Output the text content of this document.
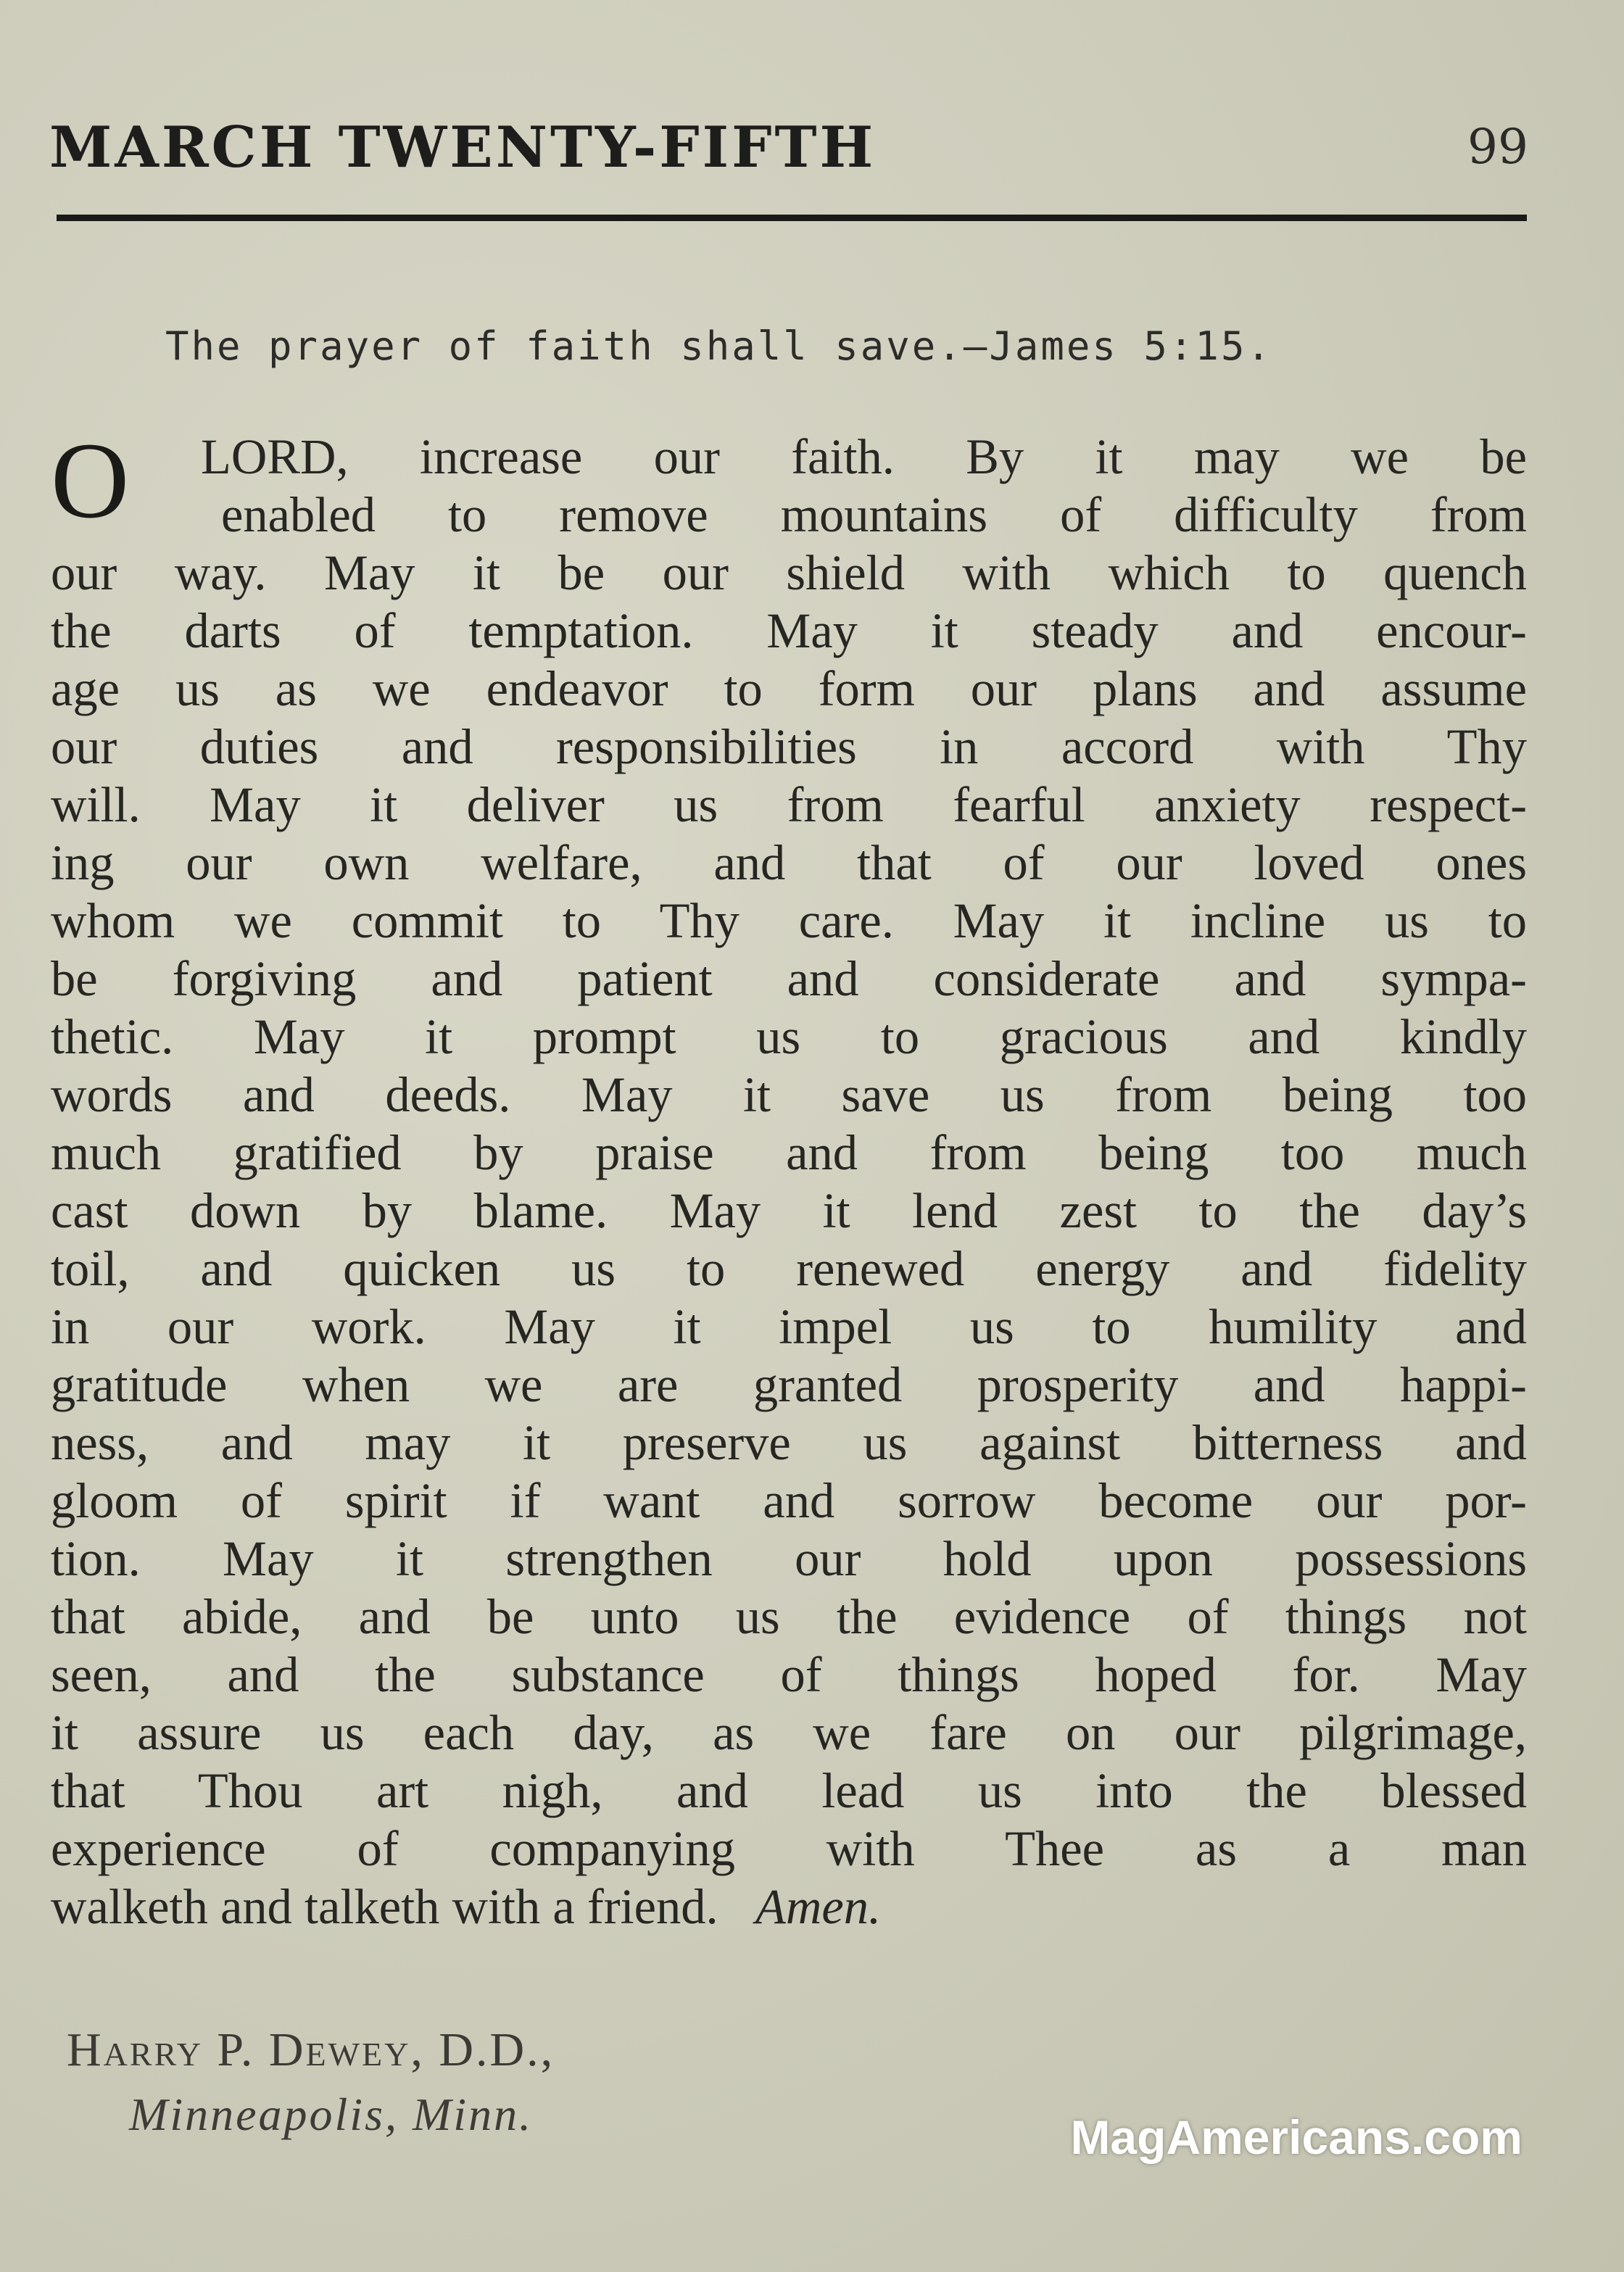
MARCH TWENTY-FIFTH	99
The prayer of faith shall save.—James 5:15.
O	LORD, increase our faith. By it may we be
enabled to remove mountains of difficulty from
our way. May it be our shield with which to quench
the darts of temptation. May it steady and encour-
age us as we endeavor to form our plans and assume
our duties and responsibilities in accord with Thy
will. May it deliver us from fearful anxiety respect-
ing our own welfare, and that of our loved ones
whom we commit to Thy care. May it incline us to
be forgiving and patient and considerate and sympa-
thetic. May it prompt us to gracious and kindly
words and deeds. May it save us from being too
much gratified by praise and from being too much
cast down by blame. May it lend zest to the day’s
toil, and quicken us to renewed energy and fidelity
in our work. May it impel us to humility and
gratitude when we are granted prosperity and happi-
ness, and may it preserve us against bitterness and
gloom of spirit if want and sorrow become our por-
tion. May it strengthen our hold upon possessions
that abide, and be unto us the evidence of things not
seen, and the substance of things hoped for. May
it assure us each day, as we fare on our pilgrimage,
that Thou art nigh, and lead us into the blessed
experience of companying with Thee as a man
walketh and talketh with a friend. Amen.
Harry P. Dewey, D.D.,
Minneapolis, Minn.	MagAmericans.com
